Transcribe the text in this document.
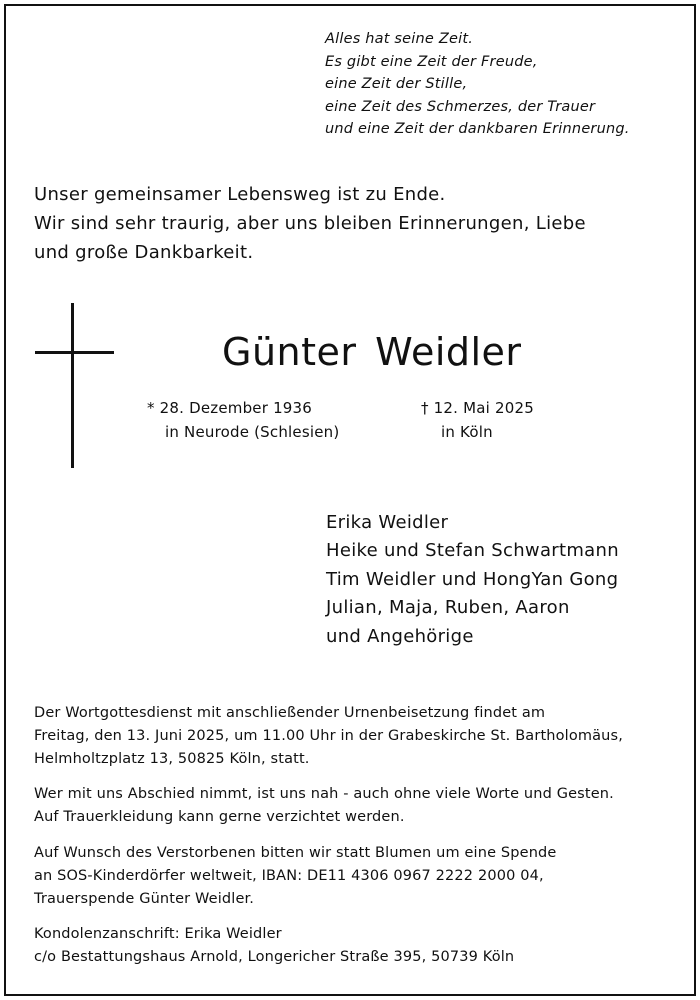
Alles hat seine Zeit.
Es gibt eine Zeit der Freude,
eine Zeit der Stille,
eine Zeit des Schmerzes, der Trauer
und eine Zeit der dankbaren Erinnerung.
Unser gemeinsamer Lebensweg ist zu Ende.
Wir sind sehr traurig, aber uns bleiben Erinnerungen, Liebe
und große Dankbarkeit.
Günter Weidler
* 28. Dezember 1936
in Neurode (Schlesien)
† 12. Mai 2025
in Köln
Erika Weidler
Heike und Stefan Schwartmann
Tim Weidler und HongYan Gong
Julian, Maja, Ruben, Aaron
und Angehörige
Der Wortgottesdienst mit anschließender Urnenbeisetzung findet am
Freitag, den 13. Juni 2025, um 11.00 Uhr in der Grabeskirche St. Bartholomäus,
Helmholtzplatz 13, 50825 Köln, statt.
Wer mit uns Abschied nimmt, ist uns nah - auch ohne viele Worte und Gesten.
Auf Trauerkleidung kann gerne verzichtet werden.
Auf Wunsch des Verstorbenen bitten wir statt Blumen um eine Spende
an SOS-Kinderdörfer weltweit, IBAN: DE11 4306 0967 2222 2000 04,
Trauerspende Günter Weidler.
Kondolenzanschrift: Erika Weidler
c/o Bestattungshaus Arnold, Longericher Straße 395, 50739 Köln
